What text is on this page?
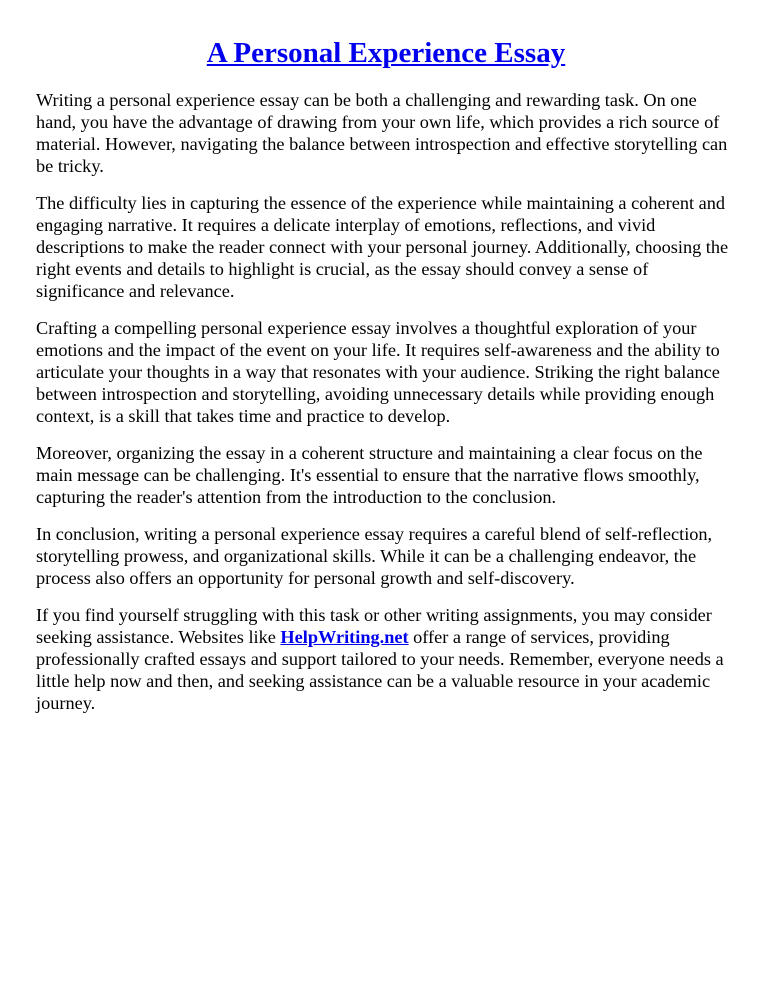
A Personal Experience Essay

Writing a personal experience essay can be both a challenging and rewarding task. On one hand, you have the advantage of drawing from your own life, which provides a rich source of material. However, navigating the balance between introspection and effective storytelling can be tricky.

The difficulty lies in capturing the essence of the experience while maintaining a coherent and engaging narrative. It requires a delicate interplay of emotions, reflections, and vivid descriptions to make the reader connect with your personal journey. Additionally, choosing the right events and details to highlight is crucial, as the essay should convey a sense of significance and relevance.

Crafting a compelling personal experience essay involves a thoughtful exploration of your emotions and the impact of the event on your life. It requires self-awareness and the ability to articulate your thoughts in a way that resonates with your audience. Striking the right balance between introspection and storytelling, avoiding unnecessary details while providing enough context, is a skill that takes time and practice to develop.

Moreover, organizing the essay in a coherent structure and maintaining a clear focus on the main message can be challenging. It's essential to ensure that the narrative flows smoothly, capturing the reader's attention from the introduction to the conclusion.

In conclusion, writing a personal experience essay requires a careful blend of self-reflection, storytelling prowess, and organizational skills. While it can be a challenging endeavor, the process also offers an opportunity for personal growth and self-discovery.

If you find yourself struggling with this task or other writing assignments, you may consider seeking assistance. Websites like HelpWriting.net offer a range of services, providing professionally crafted essays and support tailored to your needs. Remember, everyone needs a little help now and then, and seeking assistance can be a valuable resource in your academic journey.
